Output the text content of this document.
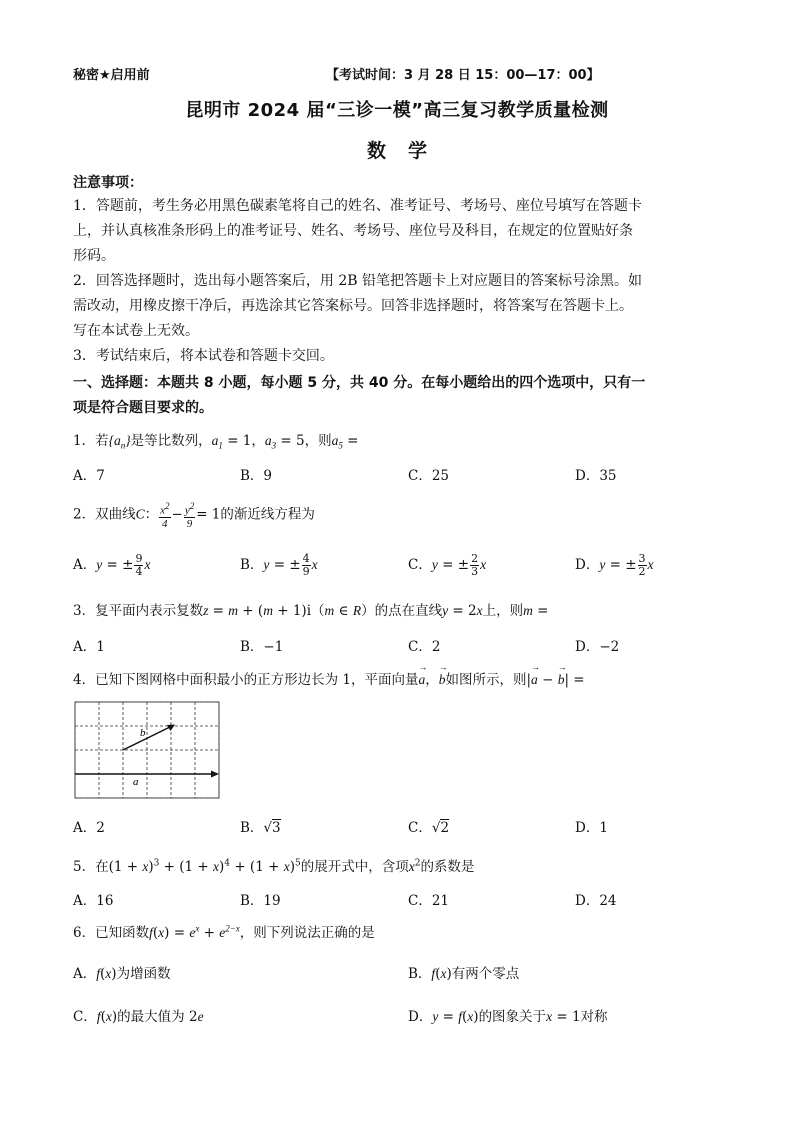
秘密★启用前	【考试时间：3 月 28 日 15：00—17：00】
昆明市 2024 届“三诊一模”高三复习教学质量检测
数学
注意事项：
1．答题前，考生务必用黑色碳素笔将自己的姓名、准考证号、考场号、座位号填写在答题卡
上，并认真核准条形码上的准考证号、姓名、考场号、座位号及科目，在规定的位置贴好条
形码。
2．回答选择题时，选出每小题答案后，用 2B 铅笔把答题卡上对应题目的答案标号涂黑。如
需改动，用橡皮擦干净后，再选涂其它答案标号。回答非选择题时，将答案写在答题卡上。
写在本试卷上无效。
3．考试结束后，将本试卷和答题卡交回。
一、选择题：本题共 8 小题，每小题 5 分，共 40 分。在每小题给出的四个选项中，只有一
项是符合题目要求的。
1．若$\{a_n\}$是等比数列，$a_1 = 1$，$a_3 = 5$，则$a_5$ =
A．7	B．9	C．25	D．35
2．双曲线C： $\frac{x^2}{4} - \frac{y^2}{9} = 1$的渐近线方程为
A．y = ± $\frac{9}{4}$ x	B．y = ± $\frac{4}{9}$ x	C．y = ± $\frac{2}{3}$ x	D．y = ± $\frac{3}{2}$ x
3．复平面内表示复数z = m + (m + 1)i（m ∈ R）的点在直线y = 2x上，则m =
A．1	B．−1	C．2	D．−2
4．已知下图网格中面积最小的正方形边长为 1，平面向量→ a，→ b如图所示，则|→ a − → b| =
a
b
A．2	B．√3	C．√2	D．1
5．在$(1 + x)^3 + (1 + x)^4 + (1 + x)^5$的展开式中，含项$x^2$的系数是
A．16	B．19	C．21	D．24
6．已知函数$f(x) = e^x + e^{2-x}$，则下列说法正确的是
A．f(x)为增函数	B．f(x)有两个零点
C．f(x)的最大值为 2e	D．y = f(x)的图象关于x = 1对称
